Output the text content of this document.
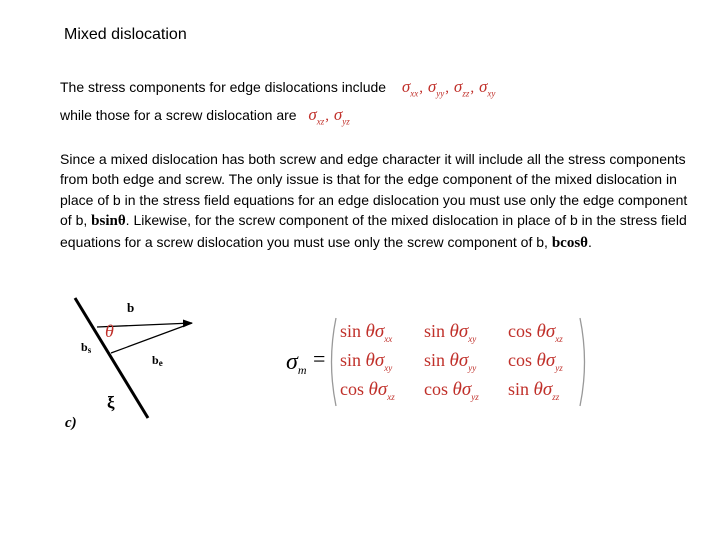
Mixed dislocation
The stress components for edge dislocations include $\sigma_{xx}$, $\sigma_{yy}$, $\sigma_{zz}$, $\sigma_{xy}$
while those for a screw dislocation are $\sigma_{xz}$, $\sigma_{yz}$
Since a mixed dislocation has both screw and edge character it will include all the stress components from both edge and screw. The only issue is that for the edge component of the mixed dislocation in place of b in the stress field equations for an edge dislocation you must use only the edge component of b, bsinθ. Likewise, for the screw component of the mixed dislocation in place of b in the stress field equations for a screw dislocation you must use only the screw component of b, bcosθ.
b
bs
be
θ
ξ
c)
$\sigma_m$ =
$\sin \theta\sigma_{xx}$ $\sin \theta\sigma_{xy}$ $\cos \theta\sigma_{xz}$
$\sin \theta\sigma_{xy}$ $\sin \theta\sigma_{yy}$ $\cos \theta\sigma_{yz}$
$\cos \theta\sigma_{xz}$ $\cos \theta\sigma_{yz}$ $\sin \theta\sigma_{zz}$
